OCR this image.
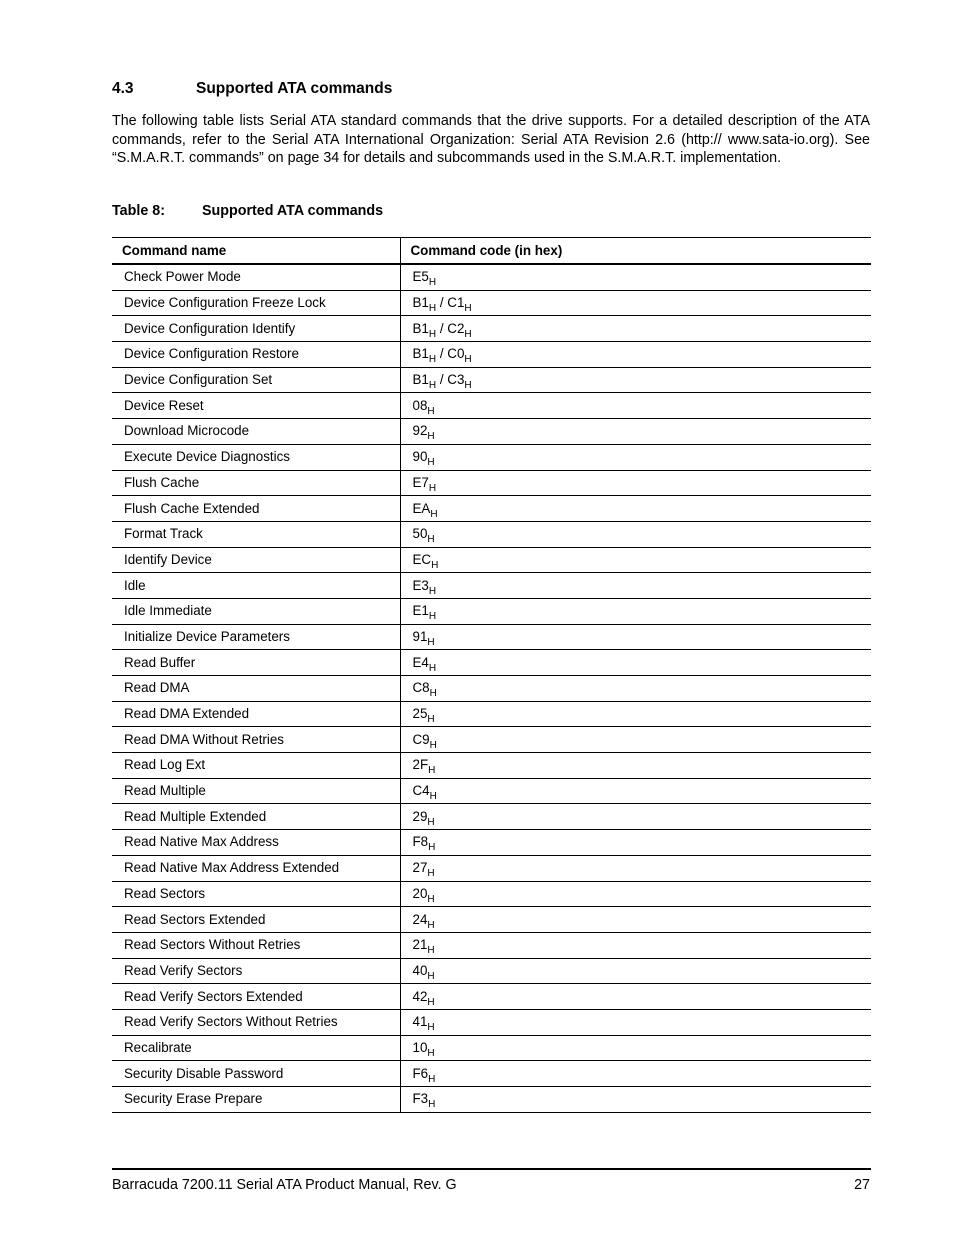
4.3	Supported ATA commands

The following table lists Serial ATA standard commands that the drive supports. For a detailed description of the ATA commands, refer to the Serial ATA International Organization: Serial ATA Revision 2.6 (http:// www.sata-io.org). See “S.M.A.R.T. commands” on page 34 for details and subcommands used in the S.M.A.R.T. implementation.

Table 8:	Supported ATA commands

Command name	Command code (in hex)
Check Power Mode	$E5_H$
Device Configuration Freeze Lock	$B1_H / C1_H$
Device Configuration Identify	$B1_H / C2_H$
Device Configuration Restore	$B1_H / C0_H$
Device Configuration Set	$B1_H / C3_H$
Device Reset	$08_H$
Download Microcode	$92_H$
Execute Device Diagnostics	$90_H$
Flush Cache	$E7_H$
Flush Cache Extended	$EA_H$
Format Track	$50_H$
Identify Device	$EC_H$
Idle	$E3_H$
Idle Immediate	$E1_H$
Initialize Device Parameters	$91_H$
Read Buffer	$E4_H$
Read DMA	$C8_H$
Read DMA Extended	$25_H$
Read DMA Without Retries	$C9_H$
Read Log Ext	$2F_H$
Read Multiple	$C4_H$
Read Multiple Extended	$29_H$
Read Native Max Address	$F8_H$
Read Native Max Address Extended	$27_H$
Read Sectors	$20_H$
Read Sectors Extended	$24_H$
Read Sectors Without Retries	$21_H$
Read Verify Sectors	$40_H$
Read Verify Sectors Extended	$42_H$
Read Verify Sectors Without Retries	$41_H$
Recalibrate	$10_H$
Security Disable Password	$F6_H$
Security Erase Prepare	$F3_H$
Barracuda 7200.11 Serial ATA Product Manual, Rev. G	27
